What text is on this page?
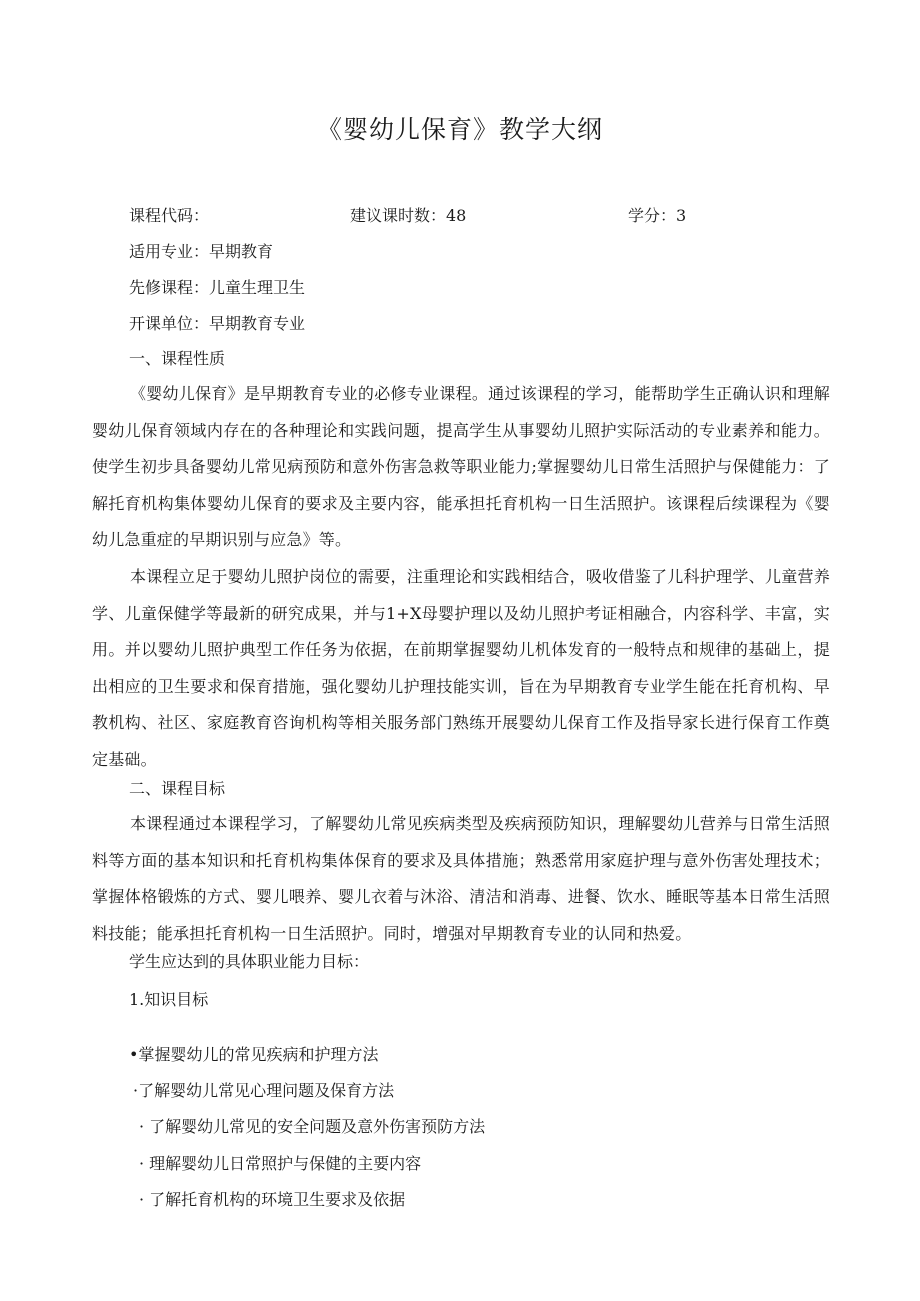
《婴幼儿保育》教学大纲
课程代码：	建议课时数：48	学分：3
适用专业：早期教育
先修课程：儿童生理卫生
开课单位：早期教育专业
一、课程性质
《婴幼儿保育》是早期教育专业的必修专业课程。通过该课程的学习，能帮助学生正确认识和理解婴幼儿保育领域内存在的各种理论和实践问题，提高学生从事婴幼儿照护实际活动的专业素养和能力。使学生初步具备婴幼儿常见病预防和意外伤害急救等职业能力;掌握婴幼儿日常生活照护与保健能力：了解托育机构集体婴幼儿保育的要求及主要内容，能承担托育机构一日生活照护。该课程后续课程为《婴幼儿急重症的早期识别与应急》等。
本课程立足于婴幼儿照护岗位的需要，注重理论和实践相结合，吸收借鉴了儿科护理学、儿童营养学、儿童保健学等最新的研究成果，并与1+X母婴护理以及幼儿照护考证相融合，内容科学、丰富，实用。并以婴幼儿照护典型工作任务为依据，在前期掌握婴幼儿机体发育的一般特点和规律的基础上，提出相应的卫生要求和保育措施，强化婴幼儿护理技能实训，旨在为早期教育专业学生能在托育机构、早教机构、社区、家庭教育咨询机构等相关服务部门熟练开展婴幼儿保育工作及指导家长进行保育工作奠定基础。
二、课程目标
本课程通过本课程学习，了解婴幼儿常见疾病类型及疾病预防知识，理解婴幼儿营养与日常生活照料等方面的基本知识和托育机构集体保育的要求及具体措施；熟悉常用家庭护理与意外伤害处理技术；掌握体格锻炼的方式、婴儿喂养、婴儿衣着与沐浴、清洁和消毒、进餐、饮水、睡眠等基本日常生活照料技能；能承担托育机构一日生活照护。同时，增强对早期教育专业的认同和热爱。
学生应达到的具体职业能力目标：
1.知识目标
•掌握婴幼儿的常见疾病和护理方法
·了解婴幼儿常见心理问题及保育方法
· 了解婴幼儿常见的安全问题及意外伤害预防方法
· 理解婴幼儿日常照护与保健的主要内容
· 了解托育机构的环境卫生要求及依据
